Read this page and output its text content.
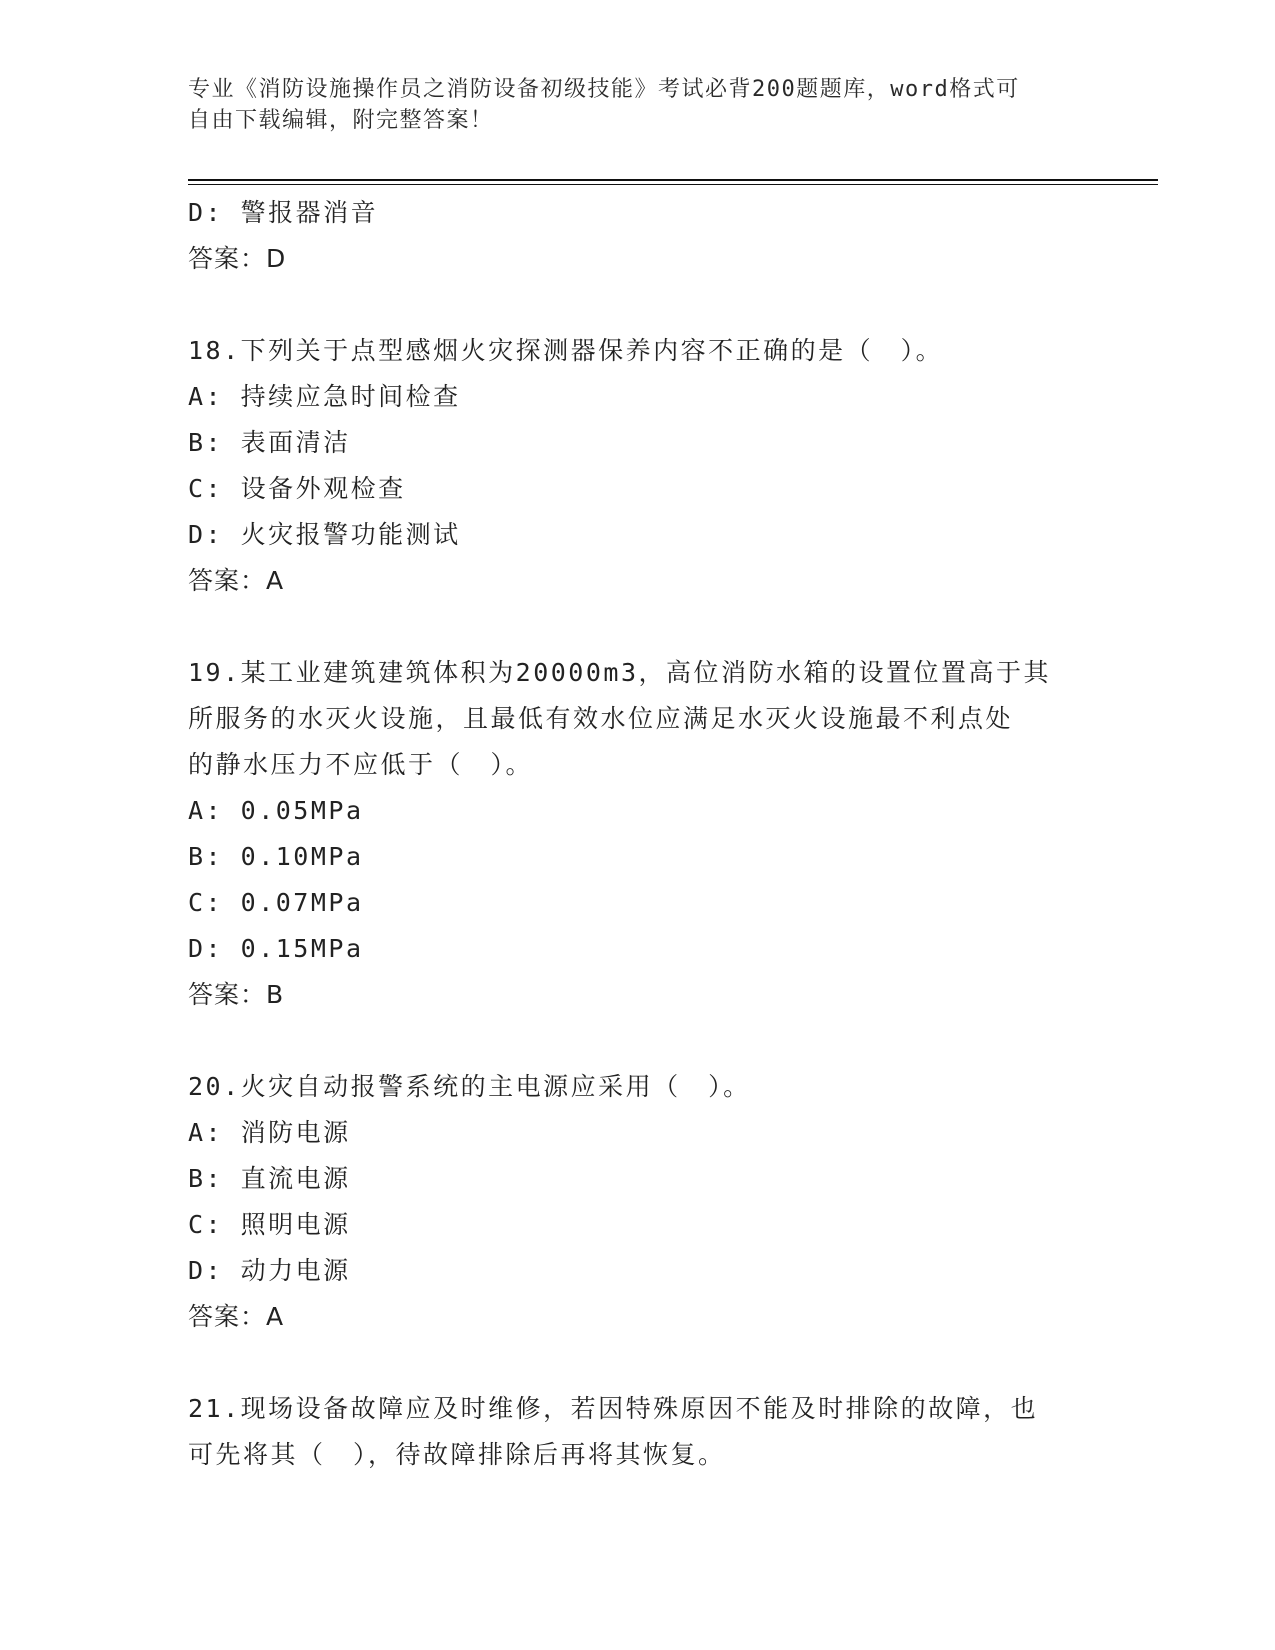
专业《消防设施操作员之消防设备初级技能》考试必背200题题库，word格式可
自由下载编辑，附完整答案！
D: 警报器消音
答案：D
18.下列关于点型感烟火灾探测器保养内容不正确的是（　）。
A: 持续应急时间检查
B: 表面清洁
C: 设备外观检查
D: 火灾报警功能测试
答案：A
19.某工业建筑建筑体积为20000m3，高位消防水箱的设置位置高于其
所服务的水灭火设施，且最低有效水位应满足水灭火设施最不利点处
的静水压力不应低于（　）。
A: 0.05MPa
B: 0.10MPa
C: 0.07MPa
D: 0.15MPa
答案：B
20.火灾自动报警系统的主电源应采用（　）。
A: 消防电源
B: 直流电源
C: 照明电源
D: 动力电源
答案：A
21.现场设备故障应及时维修，若因特殊原因不能及时排除的故障，也
可先将其（　），待故障排除后再将其恢复。
